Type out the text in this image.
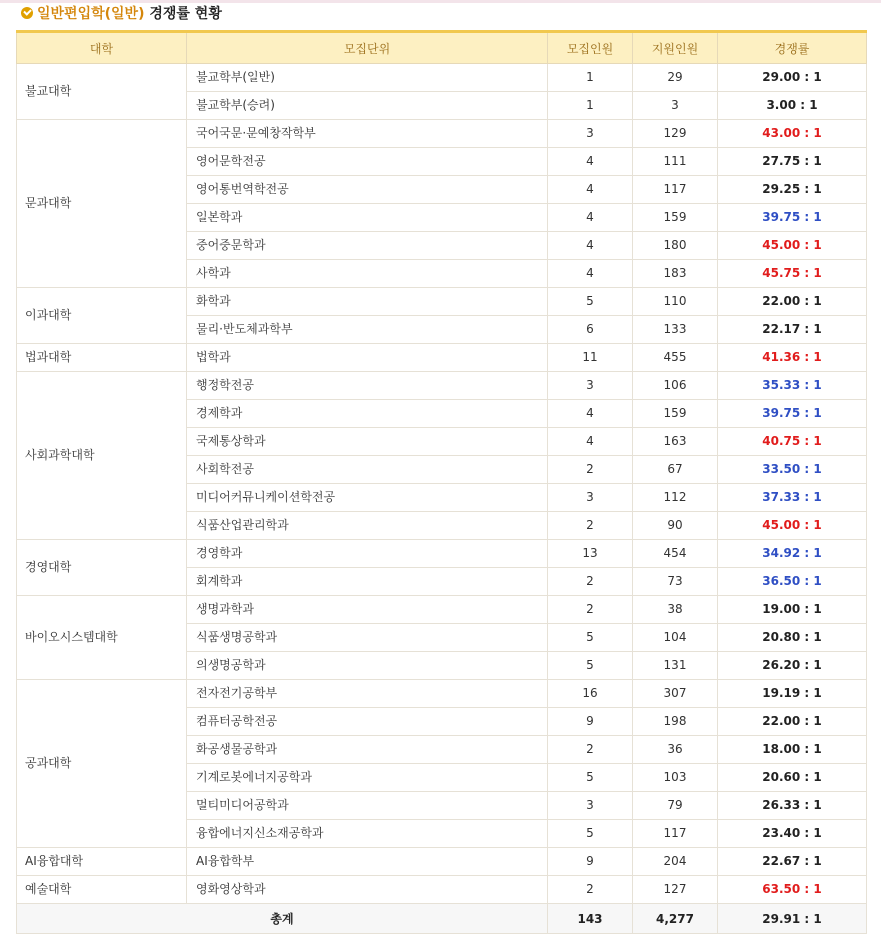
일반편입학(일반) 경쟁률 현황
대학	모집단위	모집인원	지원인원	경쟁률
불교대학	불교학부(일반)	1	29	29.00 : 1
	불교학부(승려)	1	3	3.00 : 1
문과대학	국어국문·문예창작학부	3	129	43.00 : 1
	영어문학전공	4	111	27.75 : 1
	영어통번역학전공	4	117	29.25 : 1
	일본학과	4	159	39.75 : 1
	중어중문학과	4	180	45.00 : 1
	사학과	4	183	45.75 : 1
이과대학	화학과	5	110	22.00 : 1
	물리·반도체과학부	6	133	22.17 : 1
법과대학	법학과	11	455	41.36 : 1
사회과학대학	행정학전공	3	106	35.33 : 1
	경제학과	4	159	39.75 : 1
	국제통상학과	4	163	40.75 : 1
	사회학전공	2	67	33.50 : 1
	미디어커뮤니케이션학전공	3	112	37.33 : 1
	식품산업관리학과	2	90	45.00 : 1
경영대학	경영학과	13	454	34.92 : 1
	회계학과	2	73	36.50 : 1
바이오시스템대학	생명과학과	2	38	19.00 : 1
	식품생명공학과	5	104	20.80 : 1
	의생명공학과	5	131	26.20 : 1
공과대학	전자전기공학부	16	307	19.19 : 1
	컴퓨터공학전공	9	198	22.00 : 1
	화공생물공학과	2	36	18.00 : 1
	기계로봇에너지공학과	5	103	20.60 : 1
	멀티미디어공학과	3	79	26.33 : 1
	융합에너지신소재공학과	5	117	23.40 : 1
AI융합대학	AI융합학부	9	204	22.67 : 1
예술대학	영화영상학과	2	127	63.50 : 1
총계		143	4,277	29.91 : 1
